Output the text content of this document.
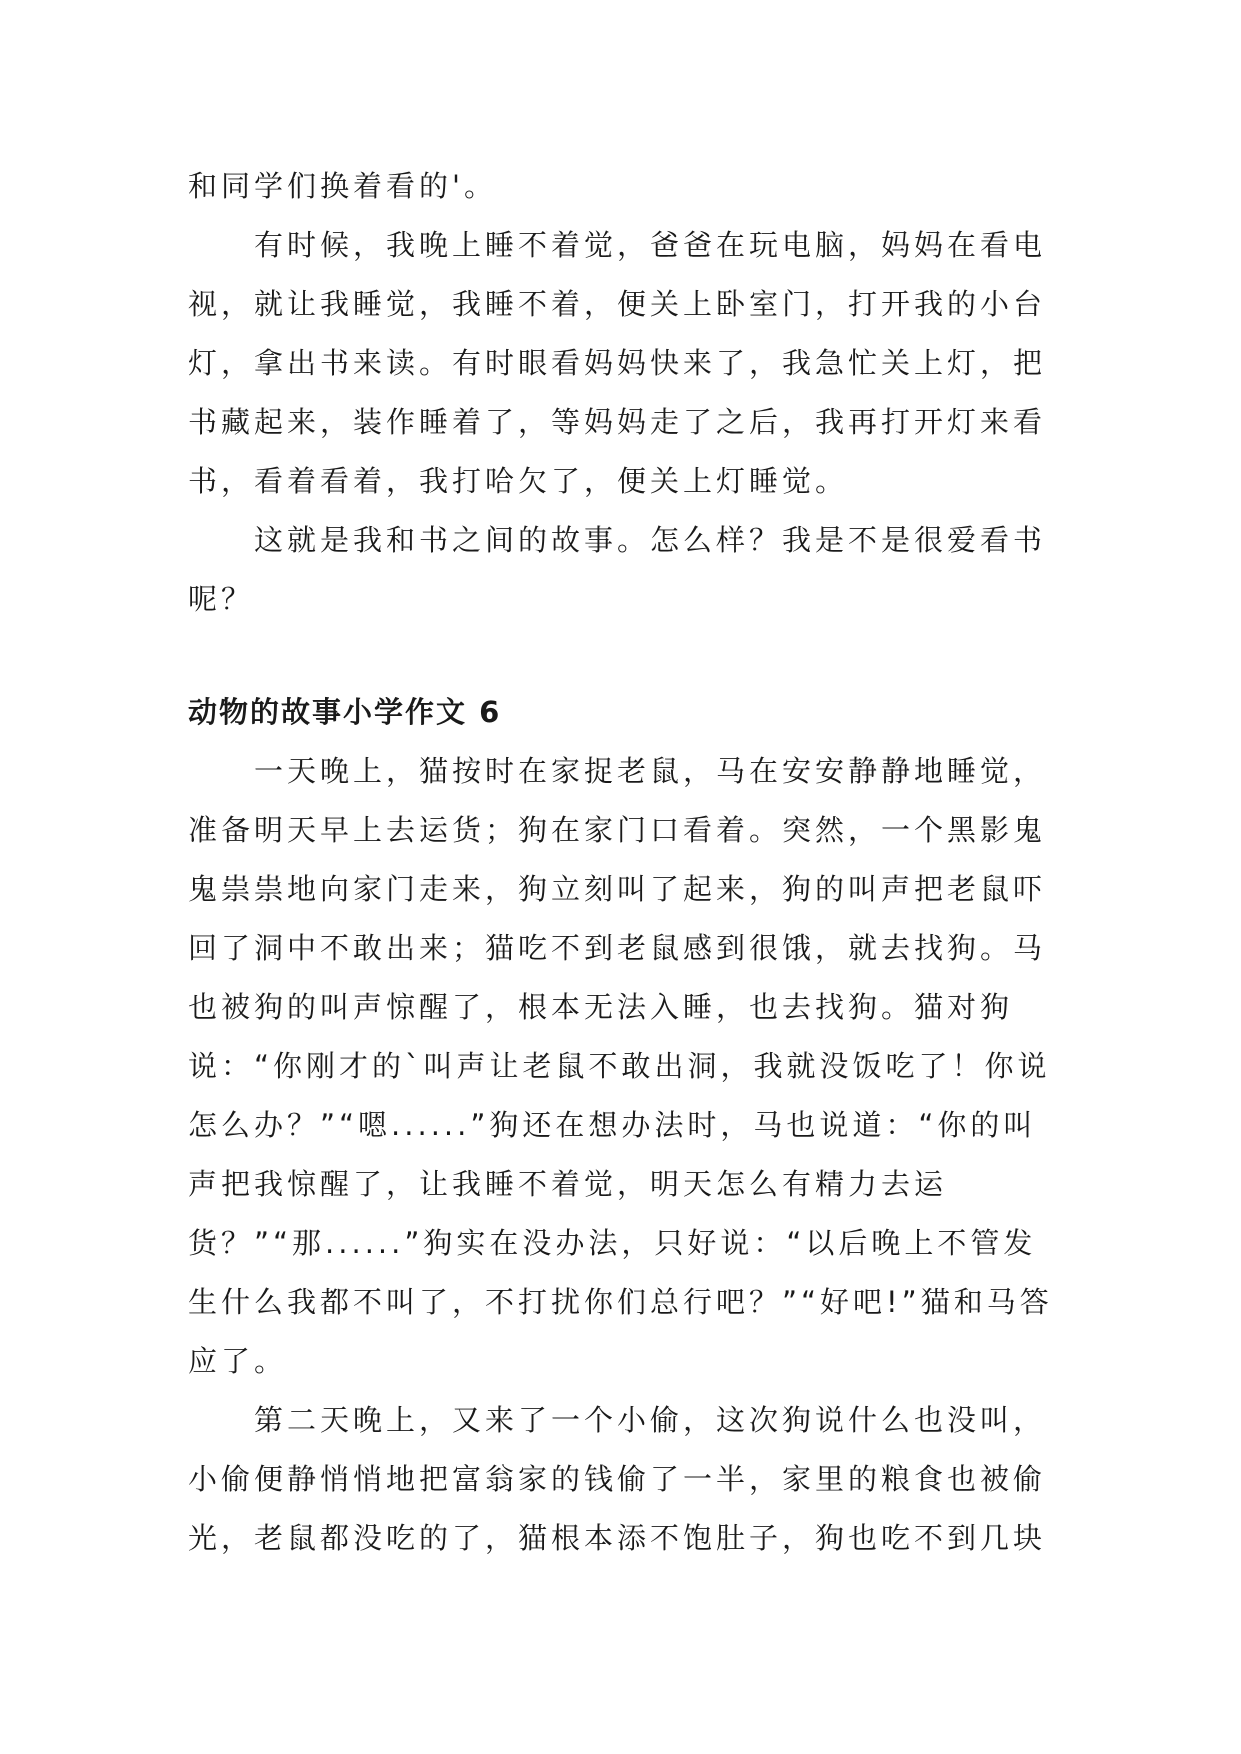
和同学们换着看的'。

有时候，我晚上睡不着觉，爸爸在玩电脑，妈妈在看电视，就让我睡觉，我睡不着，便关上卧室门，打开我的小台灯，拿出书来读。有时眼看妈妈快来了，我急忙关上灯，把书藏起来，装作睡着了，等妈妈走了之后，我再打开灯来看书，看着看着，我打哈欠了，便关上灯睡觉。

这就是我和书之间的故事。怎么样？我是不是很爱看书呢？

动物的故事小学作文 6

一天晚上，猫按时在家捉老鼠，马在安安静静地睡觉，准备明天早上去运货；狗在家门口看着。突然，一个黑影鬼鬼祟祟地向家门走来，狗立刻叫了起来，狗的叫声把老鼠吓回了洞中不敢出来；猫吃不到老鼠感到很饿，就去找狗。马也被狗的叫声惊醒了，根本无法入睡，也去找狗。猫对狗说：“你刚才的`叫声让老鼠不敢出洞，我就没饭吃了！你说怎么办？”“嗯......”狗还在想办法时，马也说道：“你的叫声把我惊醒了，让我睡不着觉，明天怎么有精力去运货？”“那......”狗实在没办法，只好说：“以后晚上不管发生什么我都不叫了，不打扰你们总行吧？”“好吧!”猫和马答应了。

第二天晚上，又来了一个小偷，这次狗说什么也没叫，小偷便静悄悄地把富翁家的钱偷了一半，家里的粮食也被偷光，老鼠都没吃的了，猫根本添不饱肚子，狗也吃不到几块
